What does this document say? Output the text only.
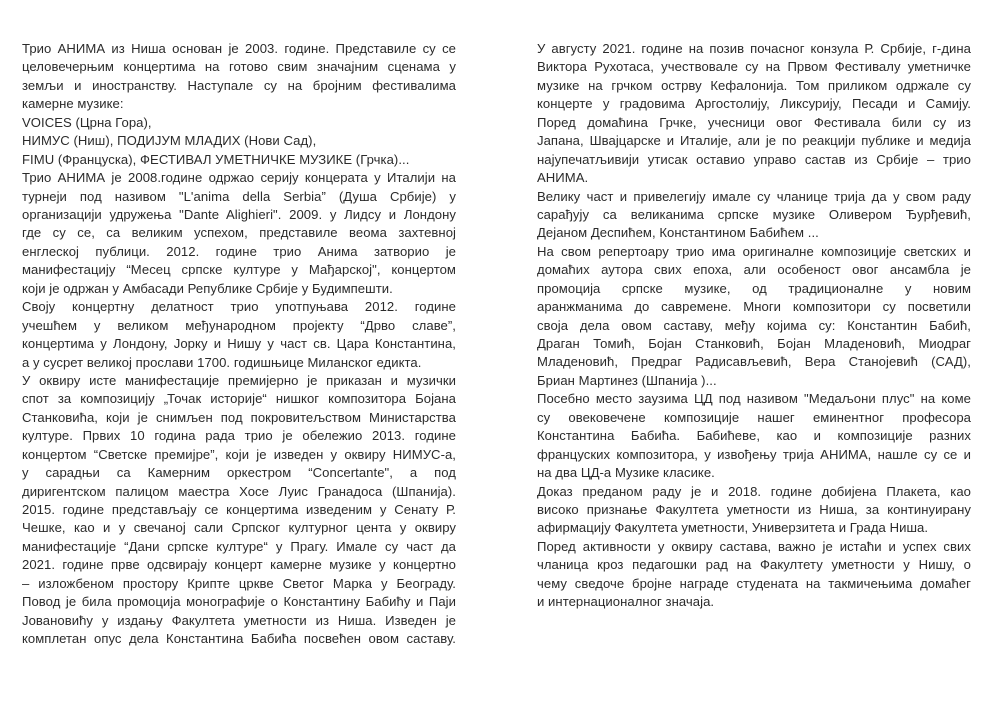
Трио АНИМА из Ниша основан је 2003. године. Представиле су се
целовечерњим концертима на готово свим значајним сценама у
земљи и иностранству. Наступале су на бројним фестивалима
камерне музике:
VOICES (Црна Гора),
НИМУС (Ниш), ПОДИЈУМ МЛАДИХ (Нови Сад),
FIMU (Француска), ФЕСТИВАЛ УМЕТНИЧКЕ МУЗИКЕ (Грчка)...
Трио АНИМА је 2008.године одржао серију концерата у Италији на
турнеји под називом "L'anima della Serbia” (Душа Србије) у
организацији удружења "Dante Alighieri". 2009. у Лидсу и Лондону
где су се, са великим успехом, представиле веома захтевној
енглеској публици. 2012. године трио Анима затворио је
манифестацију “Месец српске културе у Мађарској", концертом
који је одржан у Амбасади Републике Србије у Будимпешти.
Своју концертну делатност трио употпуњава 2012. године
учешћем у великом међународном пројекту “Дрво славе”,
концертима у Лондону, Јорку и Нишу у част св. Цара Константина,
а у сусрет великој прослави 1700. годишњице Миланског едикта.
У оквиру исте манифестације премијерно је приказан и музички
спот за композицију „Точак историје“ нишког композитора Бојана
Станковића, који је снимљен под покровитељством Министарства
културе. Првих 10 година рада трио је обележио 2013. године
концертом “Светске премијре”, који је изведен у оквиру НИМУС-а,
у сарадњи са Камерним оркестром “Concertante", а под
диригентском палицом маестра Хосе Луис Гранадоса (Шпанија).
2015. године представљају се концертима изведеним у Сенату Р.
Чешке, као и у свечаној сали Српског културног цента у оквиру
манифестације “Дани српске културе“ у Прагу. Имале су част да
2021. године прве одсвирају концерт камерне музике у концертно
– изложбеном простору Крипте цркве Светог Марка у Београду.
Повод је била промоција монографије о Константину Бабићу и Паји
Јовановићу у издању Факултета уметности из Ниша. Изведен је
комплетан опус дела Константина Бабића посвећен овом саставу.
У августу 2021. године на позив почасног конзула Р. Србије, г-дина
Виктора Рухотаса, учествовале су на Првом Фестивалу уметничке
музике на грчком острву Кефалонија. Том приликом одржале су
концерте у градовима Аргостолију, Ликсурију, Песади и Самију.
Поред домаћина Грчке, учесници овог Фестивала били су из
Јапана, Швајцарске и Италије, али је по реакцији публике и медија
најупечатљивији утисак оставио управо састав из Србије – трио
АНИМА.
Велику част и привелегију имале су чланице трија да у свом раду
сарађују са великанима српске музике Оливером Ђурђевић,
Дејаном Деспићем, Константином Бабићем ...
На свом репертоару трио има оригиналне композиције светских и
домаћих аутора свих епоха, али особеност овог ансамбла је
промоција српске музике, од традиционалне у новим
аранжманима до савремене. Многи композитори су посветили
своја дела овом саставу, међу којима су: Константин Бабић,
Драган Томић, Бојан Станковић, Бојан Младеновић, Миодраг
Младеновић, Предраг Радисављевић, Вера Станојевић (САД),
Бриан Мартинез (Шпанија )...
Посебно место заузима ЦД под називом "Медаљони плус" на коме
су овековечене композиције нашег еминентног професора
Константина Бабића. Бабићеве, као и композиције разних
француских композитора, у извођењу трија АНИМА, нашле су се и
на два ЦД-а Музике класике.
Доказ преданом раду је и 2018. године добијена Плакета, као
високо признање Факултета уметности из Ниша, за континуирану
афирмацију Факултета уметности, Универзитета и Града Ниша.
Поред активности у оквиру састава, важно је истаћи и успех свих
чланица кроз педагошки рад на Факултету уметности у Нишу, о
чему сведоче бројне награде студената на такмичењима домаћег
и интернационалног значаја.
